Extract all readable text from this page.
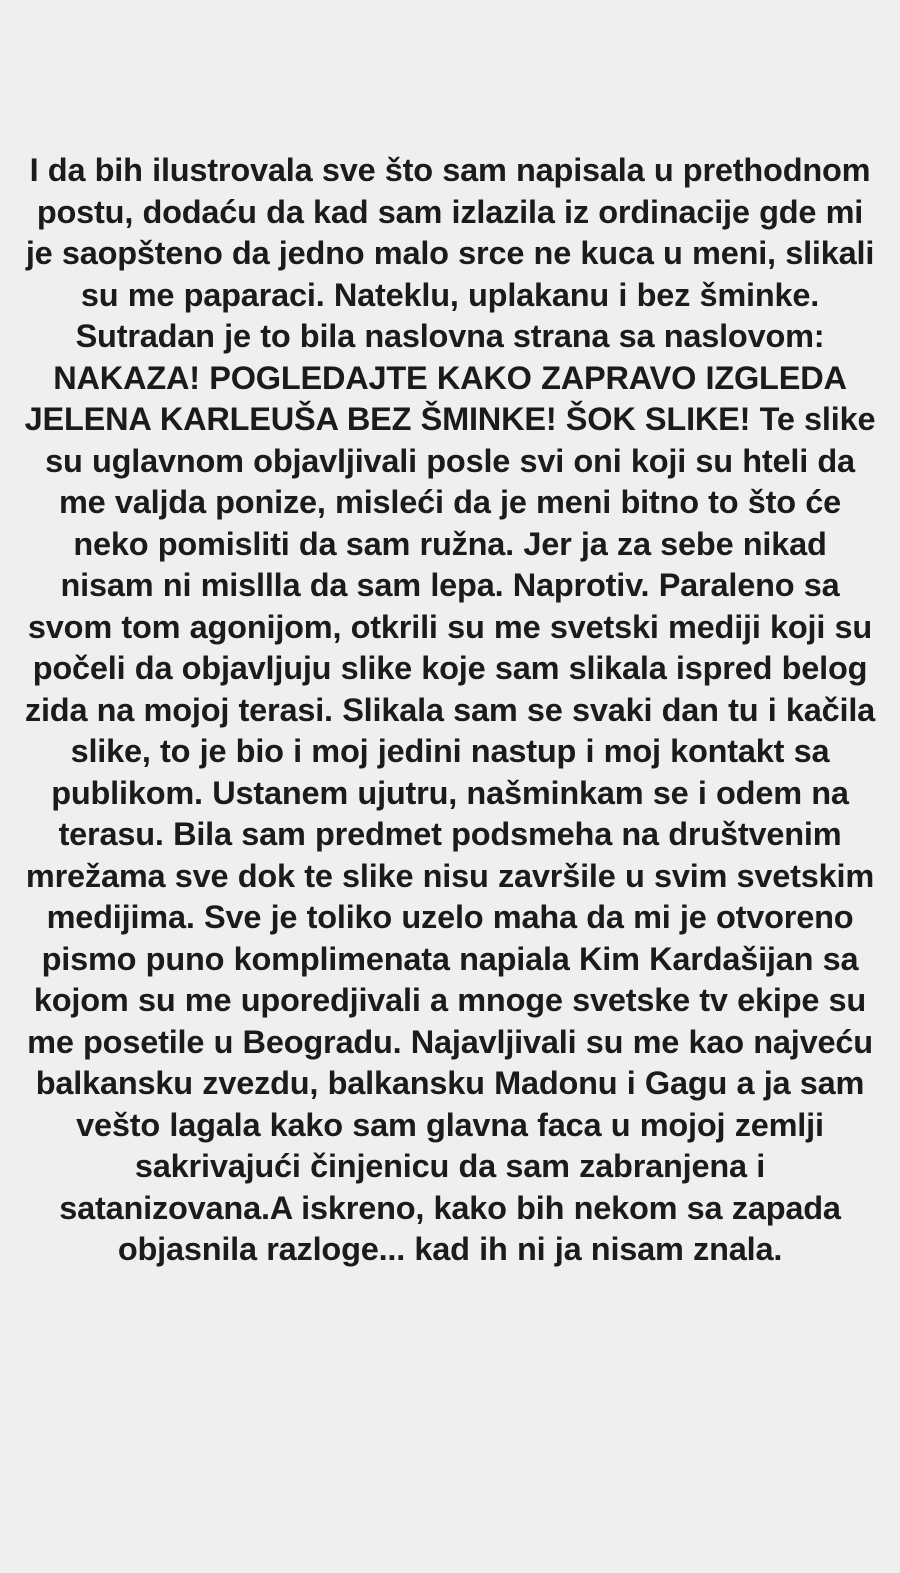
I da bih ilustrovala sve što sam napisala u prethodnom postu, dodaću da kad sam izlazila iz ordinacije gde mi je saopšteno da jedno malo srce ne kuca u meni, slikali su me paparaci. Nateklu, uplakanu i bez šminke. Sutradan je to bila naslovna strana sa naslovom: NAKAZA! POGLEDAJTE KAKO ZAPRAVO IZGLEDA JELENA KARLEUŠA BEZ ŠMINKE! ŠOK SLIKE! Te slike su uglavnom objavljivali posle svi oni koji su hteli da me valjda ponize, misleći da je meni bitno to što će neko pomisliti da sam ružna. Jer ja za sebe nikad nisam ni misllla da sam lepa. Naprotiv. Paraleno sa svom tom agonijom, otkrili su me svetski mediji koji su počeli da objavljuju slike koje sam slikala ispred belog zida na mojoj terasi. Slikala sam se svaki dan tu i kačila slike, to je bio i moj jedini nastup i moj kontakt sa publikom. Ustanem ujutru, našminkam se i odem na terasu. Bila sam predmet podsmeha na društvenim mrežama sve dok te slike nisu završile u svim svetskim medijima. Sve je toliko uzelo maha da mi je otvoreno pismo puno komplimenata napiala Kim Kardašijan sa kojom su me uporedjivali a mnoge svetske tv ekipe su me posetile u Beogradu. Najavljivali su me kao najveću balkansku zvezdu, balkansku Madonu i Gagu a ja sam vešto lagala kako sam glavna faca u mojoj zemlji sakrivajući činjenicu da sam zabranjena i satanizovana.A iskreno, kako bih nekom sa zapada objasnila razloge... kad ih ni ja nisam znala.
